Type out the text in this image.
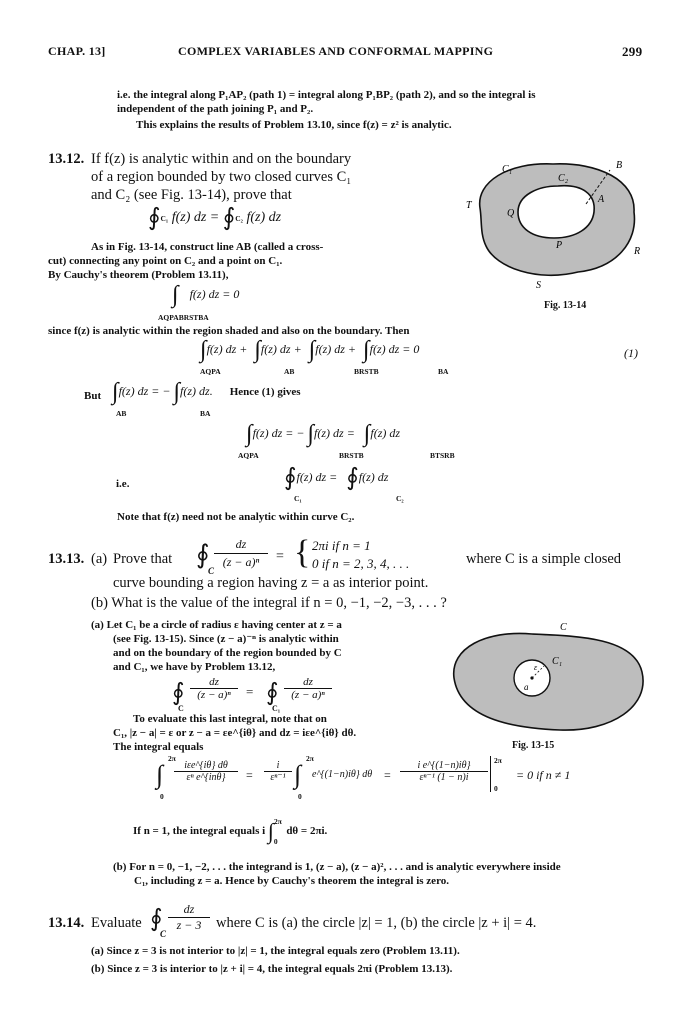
CHAP. 13]	COMPLEX VARIABLES AND CONFORMAL MAPPING	299
i.e. the integral along P₁AP₂ (path 1) = integral along P₁BP₂ (path 2), and so the integral is
independent of the path joining P₁ and P₂.
This explains the results of Problem 13.10, since f(z) = z² is analytic.
13.12. If f(z) is analytic within and on the boundary
of a region bounded by two closed curves C₁
and C₂ (see Fig. 13-14), prove that
∮C₁ f(z) dz = ∮C₂ f(z) dz
As in Fig. 13-14, construct line AB (called a cross-
cut) connecting any point on C₂ and a point on C₁.
By Cauchy's theorem (Problem 13.11),
∫ f(z) dz = 0
AQPABRSTBA
C₁	B
C₂
A
T
Q
P
R
S
Fig. 13-14
since f(z) is analytic within the region shaded and also on the boundary. Then
∫f(z) dz + ∫f(z) dz + ∫f(z) dz + ∫f(z) dz = 0
AQPA	AB	BRSTB	BA
(1)
But ∫f(z) dz = − ∫f(z) dz. Hence (1) gives
AB	BA
∫f(z) dz = − ∫f(z) dz = ∫f(z) dz
AQPA	BRSTB	BTSRB
i.e.	∮f(z) dz = ∮f(z) dz
C₁	C₂
Note that f(z) need not be analytic within curve C₂.
13.13. (a) Prove that ∮
C
dz
(z − a)ⁿ	= { 2πi if n = 1
0 if n = 2, 3, 4, . . .	where C is a simple closed
curve bounding a region having z = a as interior point.
(b) What is the value of the integral if n = 0, −1, −2, −3, . . . ?
(a) Let C₁ be a circle of radius ε having center at z = a
(see Fig. 13-15). Since (z − a)⁻ⁿ is analytic within
and on the boundary of the region bounded by C
and C₁, we have by Problem 13.12,
∮
C
dz
(z − a)ⁿ	= ∮
C₁
dz
(z − a)ⁿ
To evaluate this last integral, note that on
C₁, |z − a| = ε or z − a = εe^{iθ} and dz = iεe^{iθ} dθ.
The integral equals
C
C₁
a
ε
Fig. 13-15
∫
2π
0
iεe^{iθ} dθ
εⁿ e^{inθ}	=
i
εⁿ⁻¹ ∫
2π
0
e^{(1−n)iθ} dθ =
i e^{(1−n)iθ}
εⁿ⁻¹ (1 − n)i
2π
0
= 0 if n ≠ 1
If n = 1, the integral equals i ∫$^{2\pi}_0$ dθ = 2πi.
(b) For n = 0, −1, −2, . . . the integrand is 1, (z − a), (z − a)², . . . and is analytic everywhere inside
C₁, including z = a. Hence by Cauchy's theorem the integral is zero.
13.14. Evaluate ∮
C
dz
z − 3	where C is (a) the circle |z| = 1, (b) the circle |z + i| = 4.
(a) Since z = 3 is not interior to |z| = 1, the integral equals zero (Problem 13.11).
(b) Since z = 3 is interior to |z + i| = 4, the integral equals 2πi (Problem 13.13).
